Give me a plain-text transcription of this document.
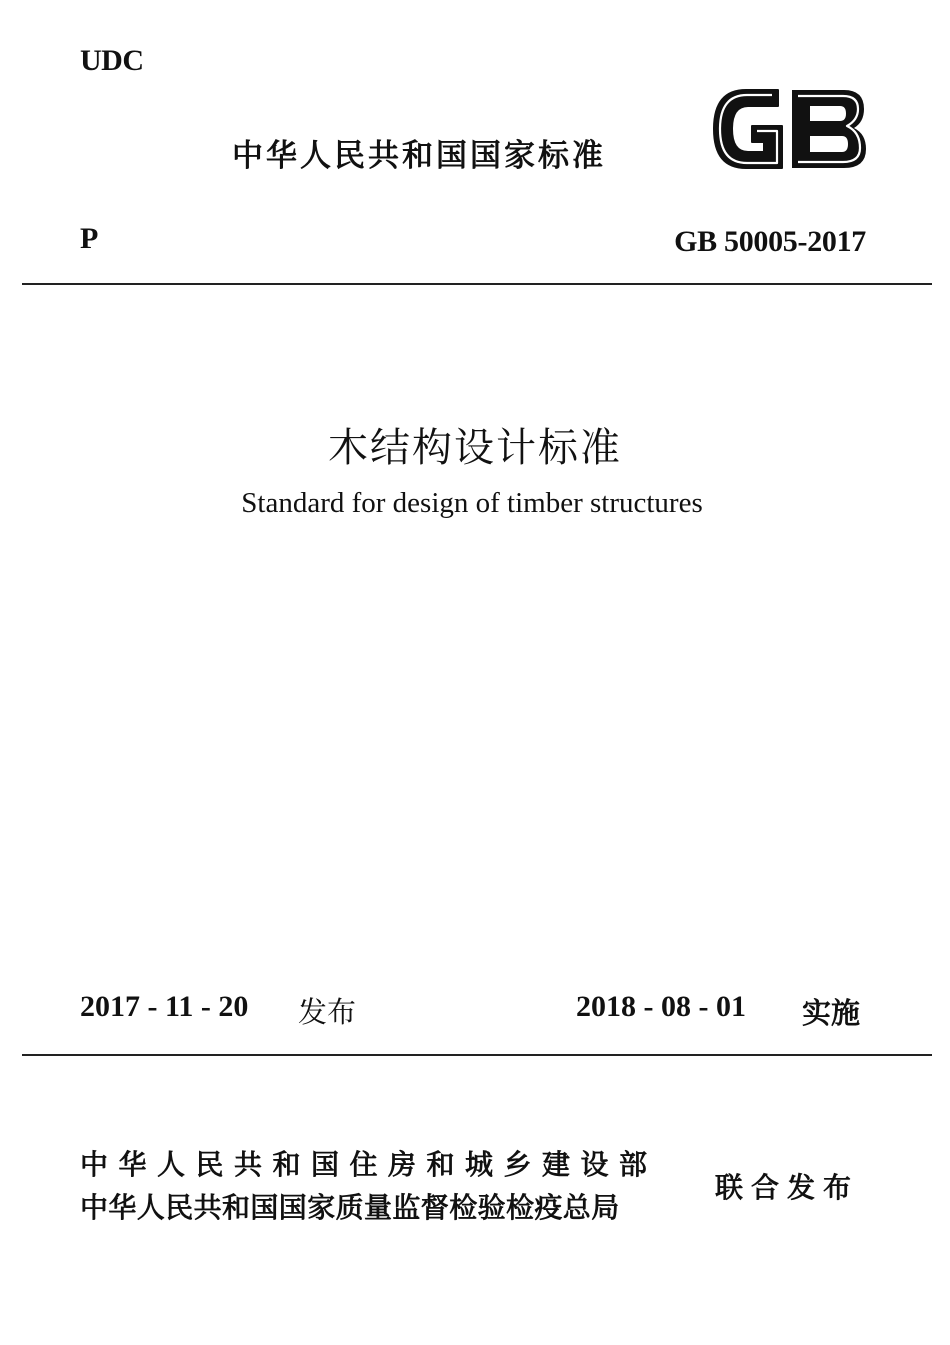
UDC
中华人民共和国国家标准
P	GB 50005-2017
木结构设计标准
Standard for design of timber structures
2017 - 11 - 20 发布	2018 - 08 - 01 实施
中华人民共和国住房和城乡建设部
中华人民共和国国家质量监督检验检疫总局
联合发布
